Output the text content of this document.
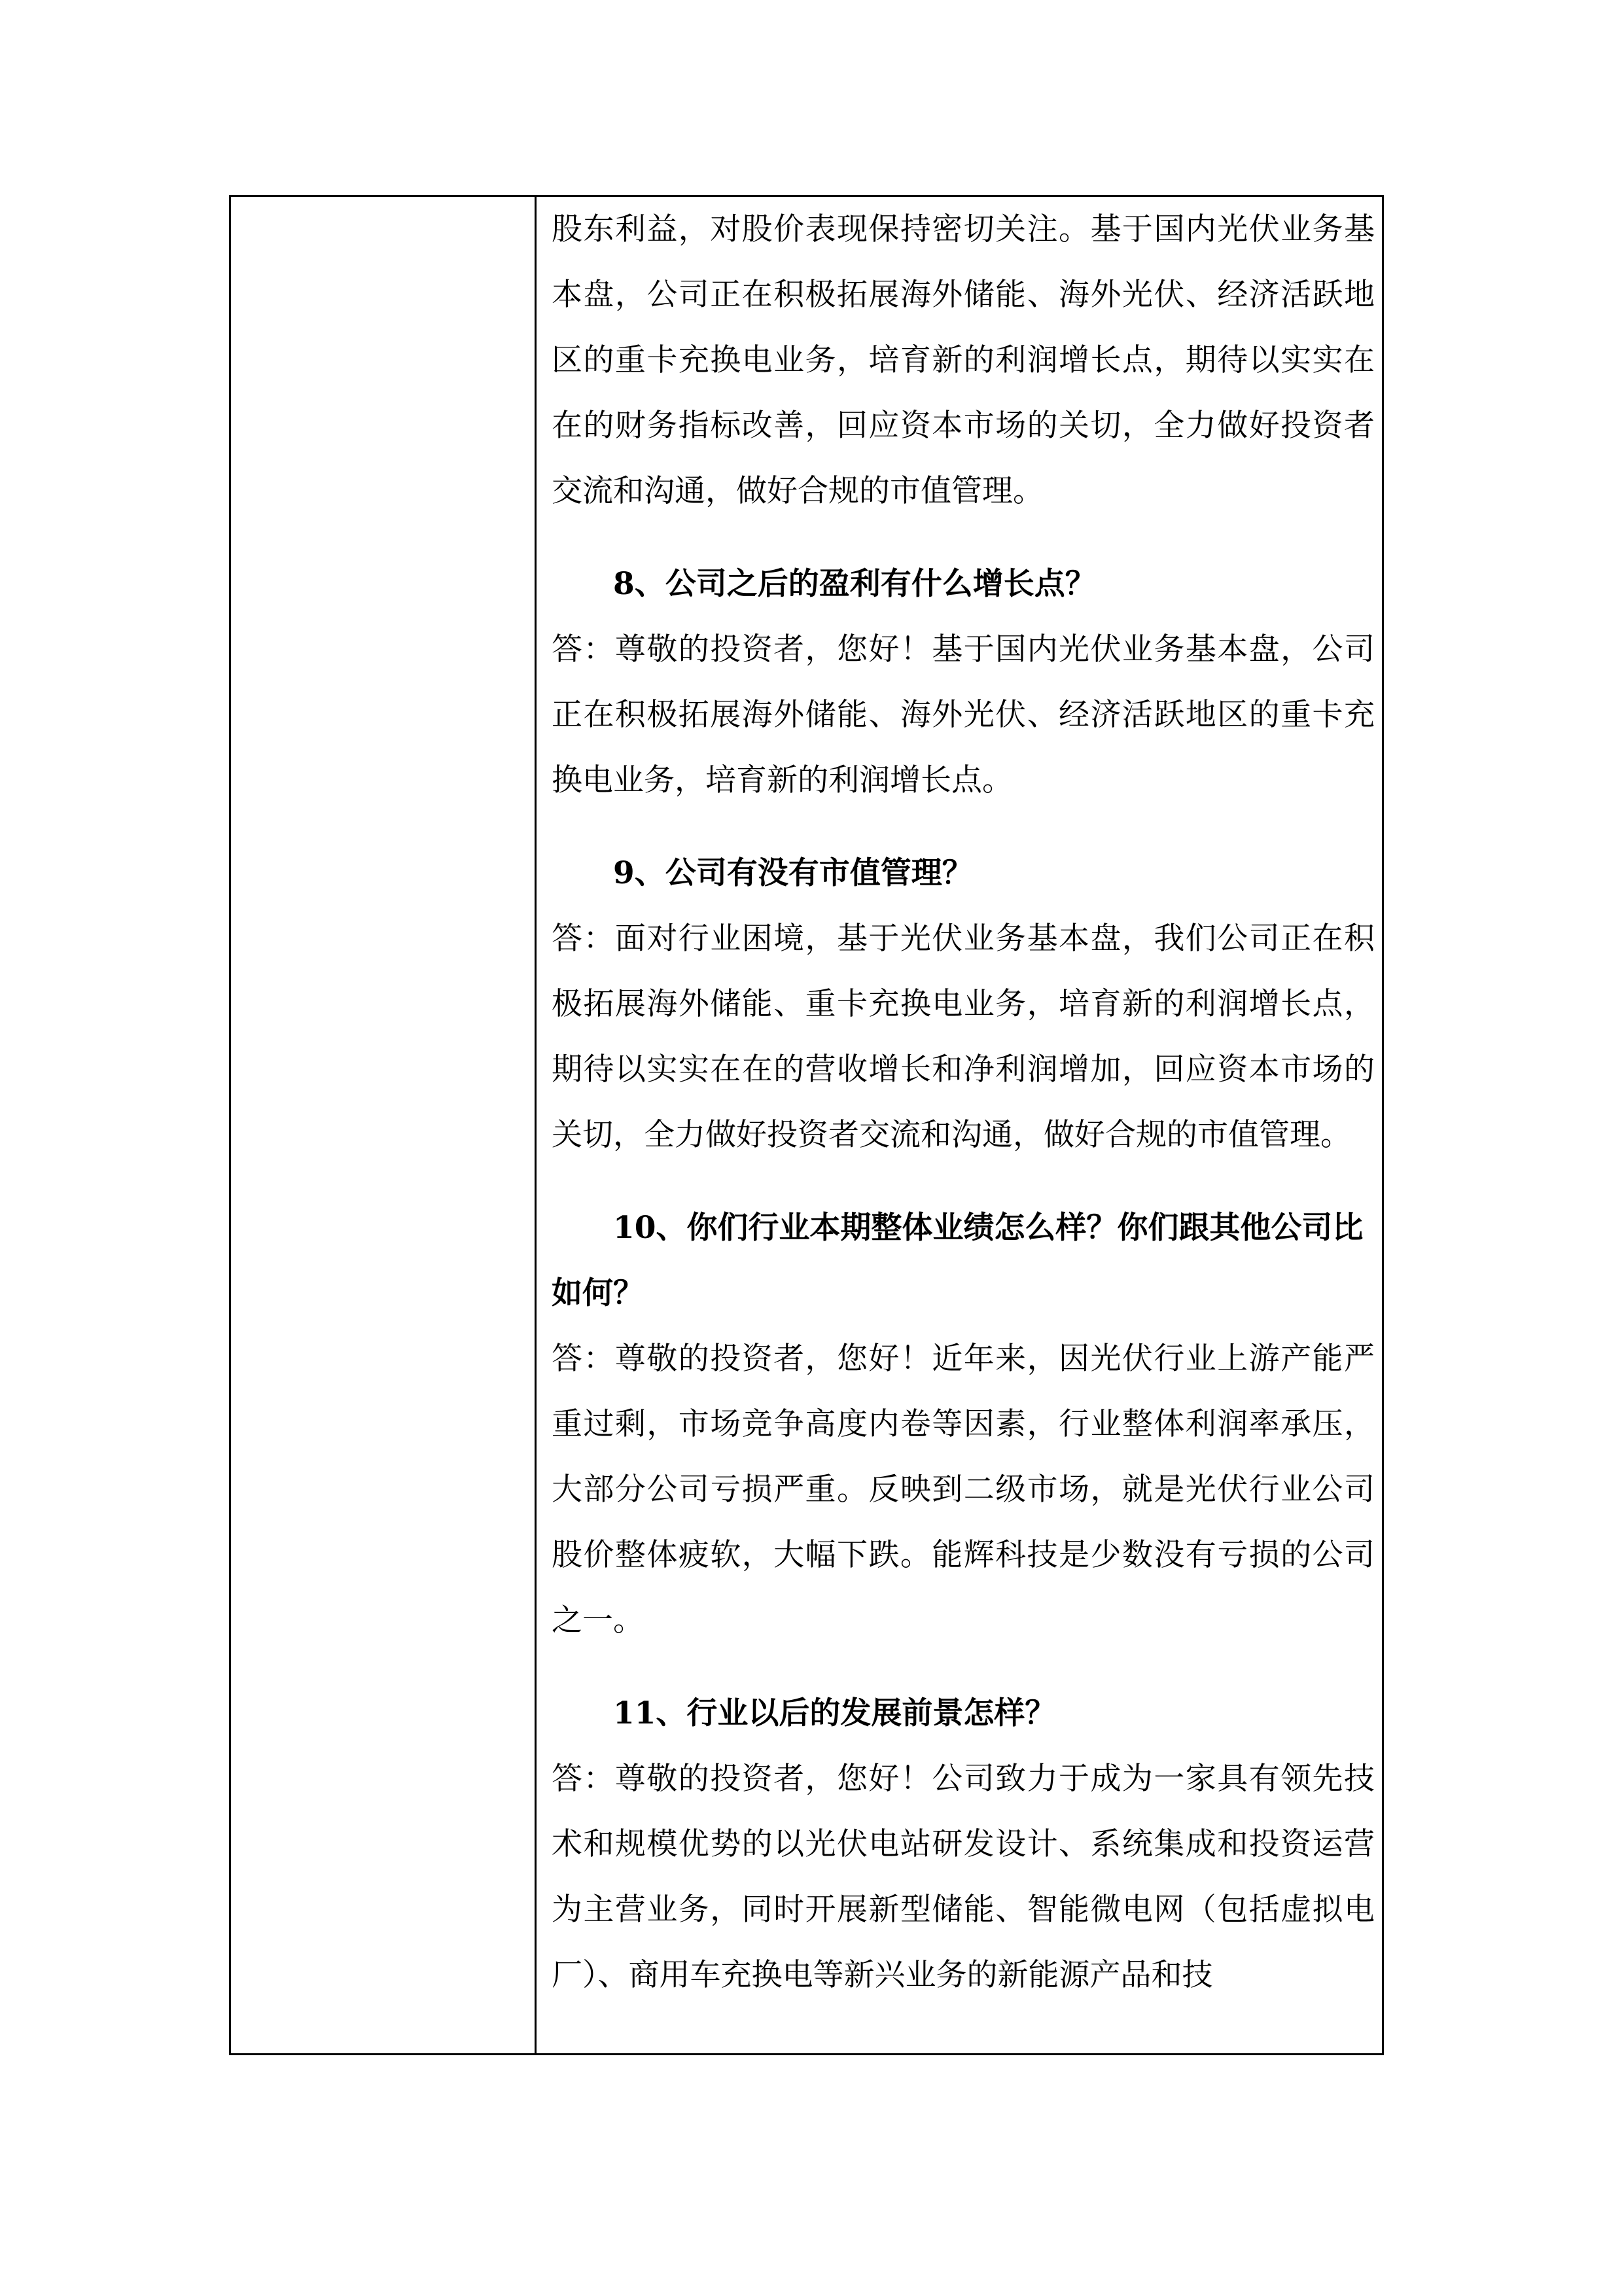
股东利益，对股价表现保持密切关注。基于国内光伏业务基本盘，公司正在积极拓展海外储能、海外光伏、经济活跃地区的重卡充换电业务，培育新的利润增长点，期待以实实在在的财务指标改善，回应资本市场的关切，全力做好投资者交流和沟通，做好合规的市值管理。

8、公司之后的盈利有什么增长点？

答：尊敬的投资者，您好！基于国内光伏业务基本盘，公司正在积极拓展海外储能、海外光伏、经济活跃地区的重卡充换电业务，培育新的利润增长点。

9、公司有没有市值管理？

答：面对行业困境，基于光伏业务基本盘，我们公司正在积极拓展海外储能、重卡充换电业务，培育新的利润增长点，期待以实实在在的营收增长和净利润增加，回应资本市场的关切，全力做好投资者交流和沟通，做好合规的市值管理。

10、你们行业本期整体业绩怎么样？你们跟其他公司比如何？

答：尊敬的投资者，您好！近年来，因光伏行业上游产能严重过剩，市场竞争高度内卷等因素，行业整体利润率承压，大部分公司亏损严重。反映到二级市场，就是光伏行业公司股价整体疲软，大幅下跌。能辉科技是少数没有亏损的公司之一。

11、行业以后的发展前景怎样？

答：尊敬的投资者，您好！公司致力于成为一家具有领先技术和规模优势的以光伏电站研发设计、系统集成和投资运营为主营业务，同时开展新型储能、智能微电网（包括虚拟电厂）、商用车充换电等新兴业务的新能源产品和技
